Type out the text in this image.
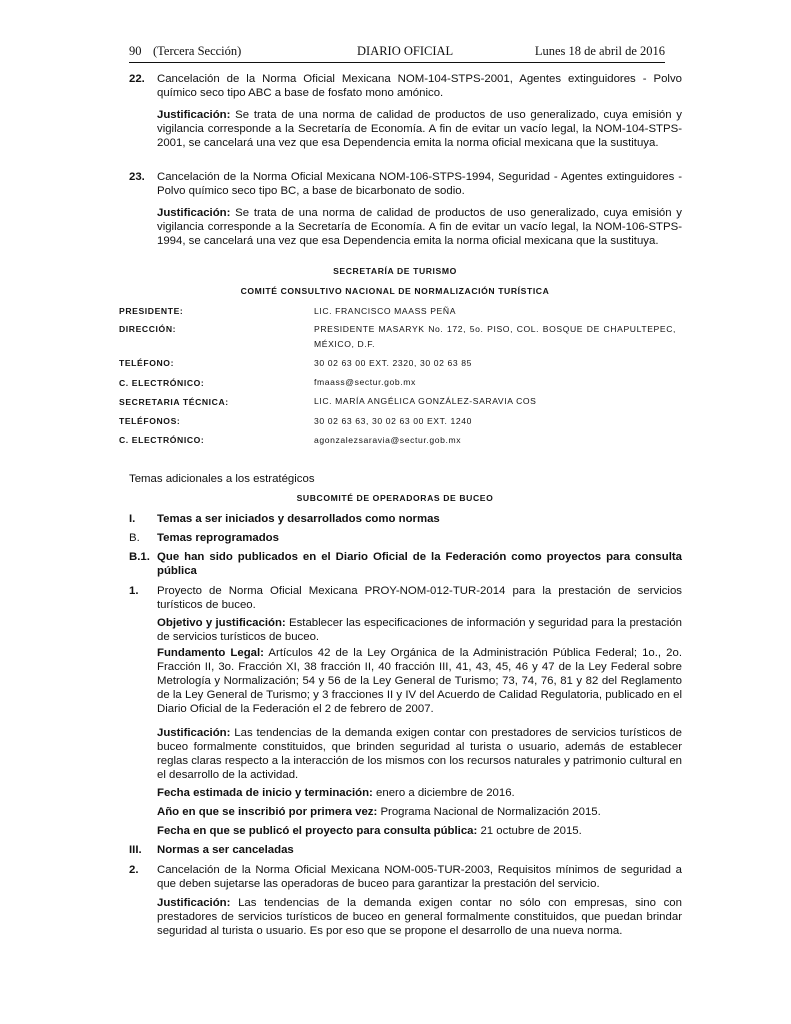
90 (Tercera Sección)	DIARIO OFICIAL	Lunes 18 de abril de 2016
22. Cancelación de la Norma Oficial Mexicana NOM-104-STPS-2001, Agentes extinguidores - Polvo químico seco tipo ABC a base de fosfato mono amónico.
Justificación: Se trata de una norma de calidad de productos de uso generalizado, cuya emisión y vigilancia corresponde a la Secretaría de Economía. A fin de evitar un vacío legal, la NOM-104-STPS-2001, se cancelará una vez que esa Dependencia emita la norma oficial mexicana que la sustituya.
23. Cancelación de la Norma Oficial Mexicana NOM-106-STPS-1994, Seguridad - Agentes extinguidores - Polvo químico seco tipo BC, a base de bicarbonato de sodio.
Justificación: Se trata de una norma de calidad de productos de uso generalizado, cuya emisión y vigilancia corresponde a la Secretaría de Economía. A fin de evitar un vacío legal, la NOM-106-STPS-1994, se cancelará una vez que esa Dependencia emita la norma oficial mexicana que la sustituya.
SECRETARÍA DE TURISMO
COMITÉ CONSULTIVO NACIONAL DE NORMALIZACIÓN TURÍSTICA
PRESIDENTE:	LIC. FRANCISCO MAASS PEÑA
DIRECCIÓN:	PRESIDENTE MASARYK No. 172, 5o. PISO, COL. BOSQUE DE CHAPULTEPEC, MÉXICO, D.F.
TELÉFONO:	30 02 63 00 EXT. 2320, 30 02 63 85
C. ELECTRÓNICO:	fmaass@sectur.gob.mx
SECRETARIA TÉCNICA:	LIC. MARÍA ANGÉLICA GONZÁLEZ-SARAVIA COS
TELÉFONOS:	30 02 63 63, 30 02 63 00 EXT. 1240
C. ELECTRÓNICO:	agonzalezsaravia@sectur.gob.mx
Temas adicionales a los estratégicos
SUBCOMITÉ DE OPERADORAS DE BUCEO
I. Temas a ser iniciados y desarrollados como normas
B. Temas reprogramados
B.1. Que han sido publicados en el Diario Oficial de la Federación como proyectos para consulta pública
1. Proyecto de Norma Oficial Mexicana PROY-NOM-012-TUR-2014 para la prestación de servicios turísticos de buceo.
Objetivo y justificación: Establecer las especificaciones de información y seguridad para la prestación de servicios turísticos de buceo.
Fundamento Legal: Artículos 42 de la Ley Orgánica de la Administración Pública Federal; 1o., 2o. Fracción II, 3o. Fracción XI, 38 fracción II, 40 fracción III, 41, 43, 45, 46 y 47 de la Ley Federal sobre Metrología y Normalización; 54 y 56 de la Ley General de Turismo; 73, 74, 76, 81 y 82 del Reglamento de la Ley General de Turismo; y 3 fracciones II y IV del Acuerdo de Calidad Regulatoria, publicado en el Diario Oficial de la Federación el 2 de febrero de 2007.
Justificación: Las tendencias de la demanda exigen contar con prestadores de servicios turísticos de buceo formalmente constituidos, que brinden seguridad al turista o usuario, además de establecer reglas claras respecto a la interacción de los mismos con los recursos naturales y patrimonio cultural en el desarrollo de la actividad.
Fecha estimada de inicio y terminación: enero a diciembre de 2016.
Año en que se inscribió por primera vez: Programa Nacional de Normalización 2015.
Fecha en que se publicó el proyecto para consulta pública: 21 octubre de 2015.
III. Normas a ser canceladas
2. Cancelación de la Norma Oficial Mexicana NOM-005-TUR-2003, Requisitos mínimos de seguridad a que deben sujetarse las operadoras de buceo para garantizar la prestación del servicio.
Justificación: Las tendencias de la demanda exigen contar no sólo con empresas, sino con prestadores de servicios turísticos de buceo en general formalmente constituidos, que puedan brindar seguridad al turista o usuario. Es por eso que se propone el desarrollo de una nueva norma.
